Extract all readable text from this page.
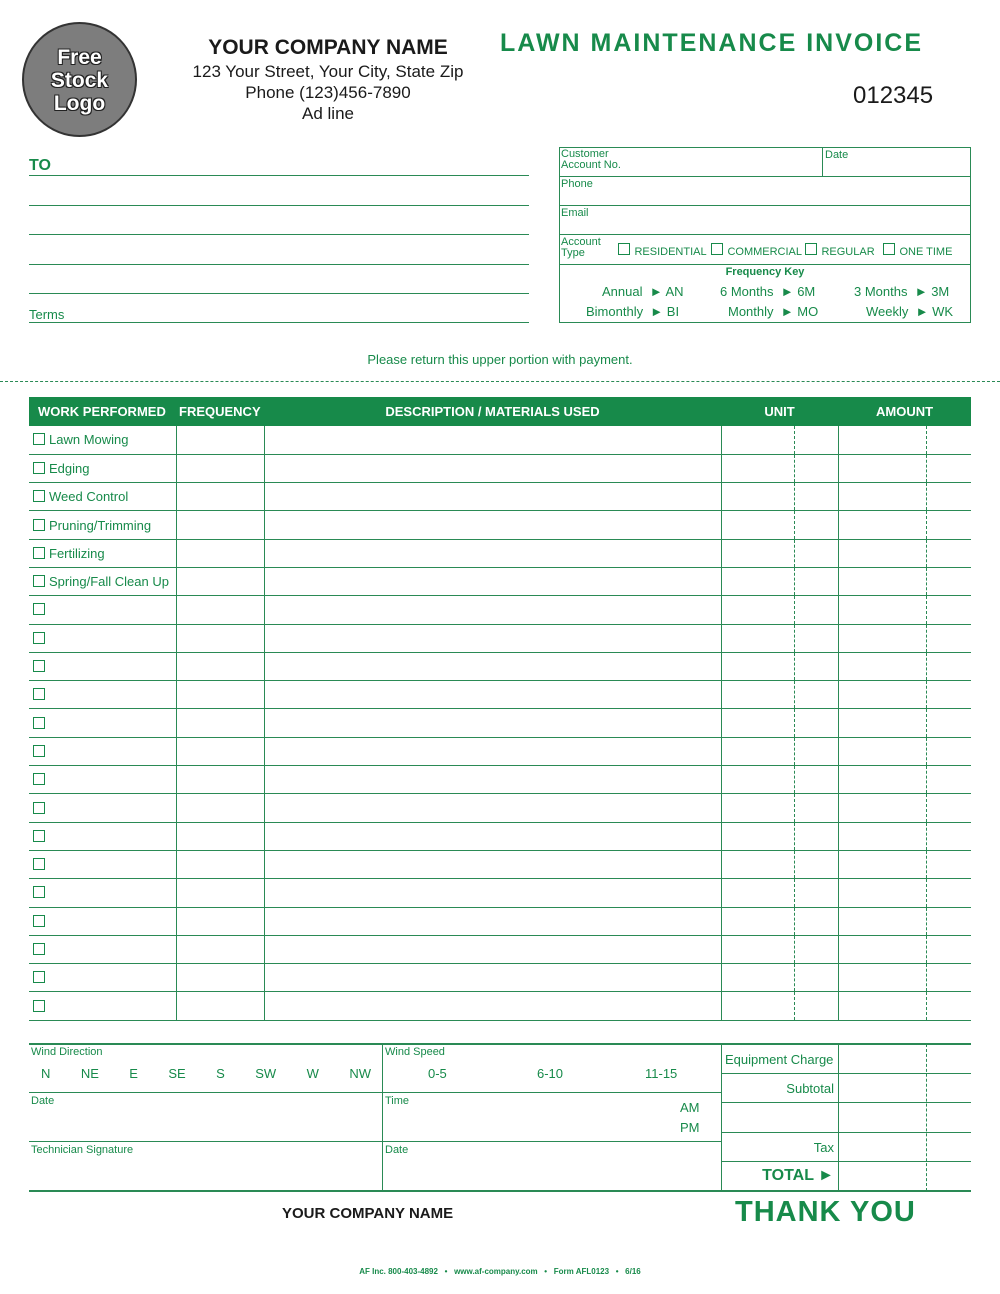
Free
Stock
Logo
YOUR COMPANY NAME
123 Your Street, Your City, State Zip
Phone (123)456-7890
Ad line
LAWN MAINTENANCE INVOICE
012345
TO
Terms
Customer
Account No.
Date
Phone
Email
Account
Type	RESIDENTIAL	COMMERCIAL	REGULAR	ONE TIME
Frequency Key
Annual  ► AN	6 Months  ► 6M	3 Months  ► 3M
Bimonthly  ► BI	Monthly  ► MO	Weekly  ► WK
Please return this upper portion with payment.
WORK PERFORMED	FREQUENCY	DESCRIPTION / MATERIALS USED	UNIT		AMOUNT	
Lawn Mowing						
Edging						
Weed Control						
Pruning/Trimming						
Fertilizing						
Spring/Fall Clean Up						

Wind Direction
N NE E SE S SW W NW
Wind Speed
0-5	6-10	11-15
Date	Time	AM
PM
Technician Signature	Date
Equipment Charge
Subtotal
Tax
TOTAL ►
YOUR COMPANY NAME	THANK YOU
AF Inc. 800-403-4892   •   www.af-company.com   •   Form AFL0123   •   6/16
